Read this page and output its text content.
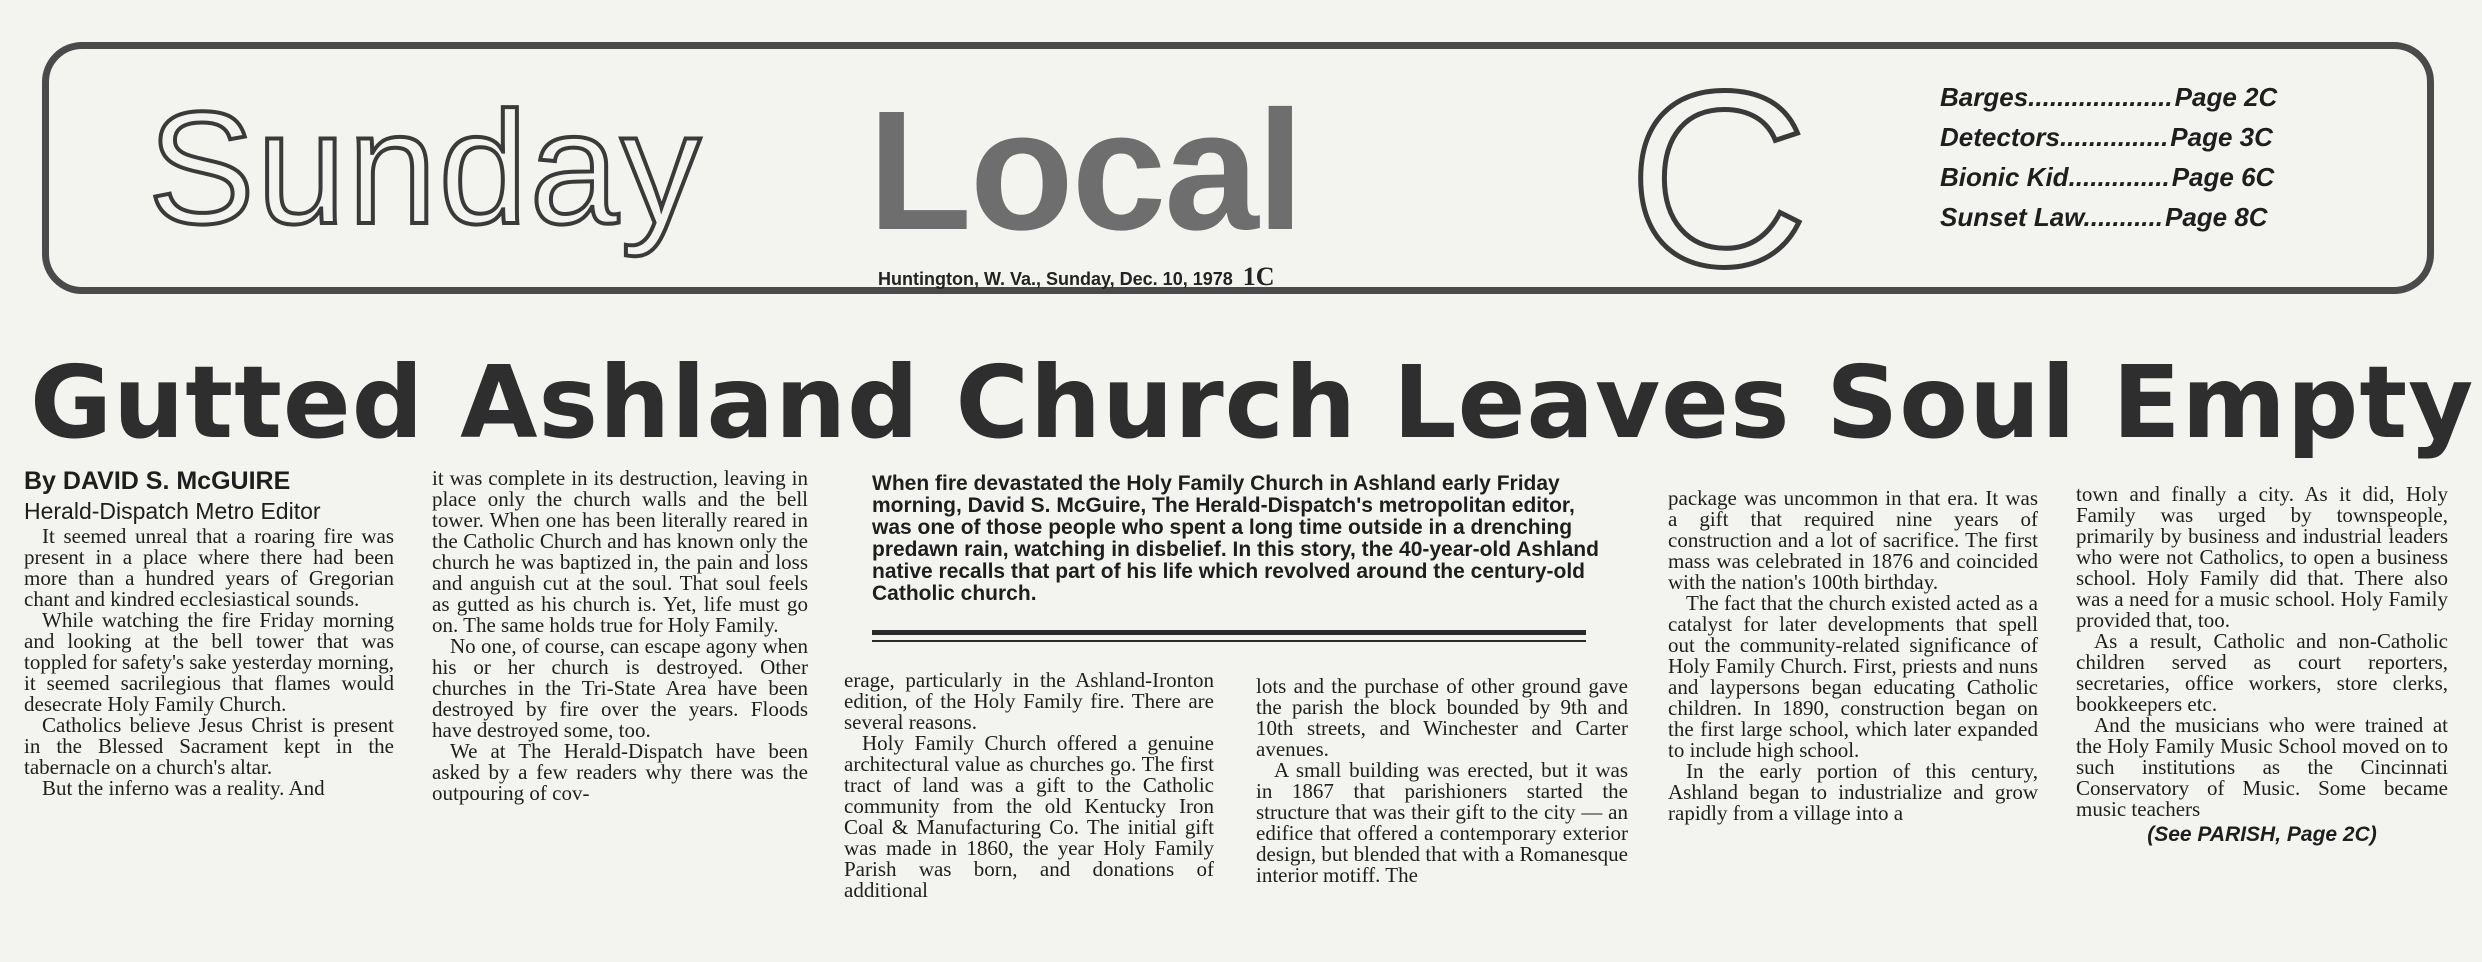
Sunday Local C
Huntington, W. Va., Sunday, Dec. 10, 1978 1C
Barges....................Page 2C
Detectors...............Page 3C
Bionic Kid..............Page 6C
Sunset Law...........Page 8C
Gutted Ashland Church Leaves Soul Empty
By DAVID S. McGUIRE
Herald-Dispatch Metro Editor

It seemed unreal that a roaring fire was present in a place where there had been more than a hundred years of Gregorian chant and kindred ecclesiastical sounds.

While watching the fire Friday morning and looking at the bell tower that was toppled for safety's sake yesterday morning, it seemed sacrilegious that flames would desecrate Holy Family Church.

Catholics believe Jesus Christ is present in the Blessed Sacrament kept in the tabernacle on a church's altar.

But the inferno was a reality. And

it was complete in its destruction, leaving in place only the church walls and the bell tower. When one has been literally reared in the Catholic Church and has known only the church he was baptized in, the pain and loss and anguish cut at the soul. That soul feels as gutted as his church is. Yet, life must go on. The same holds true for Holy Family.

No one, of course, can escape agony when his or her church is destroyed. Other churches in the Tri-State Area have been destroyed by fire over the years. Floods have destroyed some, too.

We at The Herald-Dispatch have been asked by a few readers why there was the outpouring of cov-

When fire devastated the Holy Family Church in Ashland early Friday morning, David S. McGuire, The Herald-Dispatch's metropolitan editor, was one of those people who spent a long time outside in a drenching predawn rain, watching in disbelief. In this story, the 40-year-old Ashland native recalls that part of his life which revolved around the century-old Catholic church.

erage, particularly in the Ashland-Ironton edition, of the Holy Family fire. There are several reasons.

Holy Family Church offered a genuine architectural value as churches go. The first tract of land was a gift to the Catholic community from the old Kentucky Iron Coal & Manufacturing Co. The initial gift was made in 1860, the year Holy Family Parish was born, and donations of additional

lots and the purchase of other ground gave the parish the block bounded by 9th and 10th streets, and Winchester and Carter avenues.

A small building was erected, but it was in 1867 that parishioners started the structure that was their gift to the city — an edifice that offered a contemporary exterior design, but blended that with a Romanesque interior motiff. The

package was uncommon in that era. It was a gift that required nine years of construction and a lot of sacrifice. The first mass was celebrated in 1876 and coincided with the nation's 100th birthday.

The fact that the church existed acted as a catalyst for later developments that spell out the community-related significance of Holy Family Church. First, priests and nuns and laypersons began educating Catholic children. In 1890, construction began on the first large school, which later expanded to include high school.

In the early portion of this century, Ashland began to industrialize and grow rapidly from a village into a

town and finally a city. As it did, Holy Family was urged by townspeople, primarily by business and industrial leaders who were not Catholics, to open a business school. Holy Family did that. There also was a need for a music school. Holy Family provided that, too.

As a result, Catholic and non-Catholic children served as court reporters, secretaries, office workers, store clerks, bookkeepers etc.

And the musicians who were trained at the Holy Family Music School moved on to such institutions as the Cincinnati Conservatory of Music. Some became music teachers

(See PARISH, Page 2C)
